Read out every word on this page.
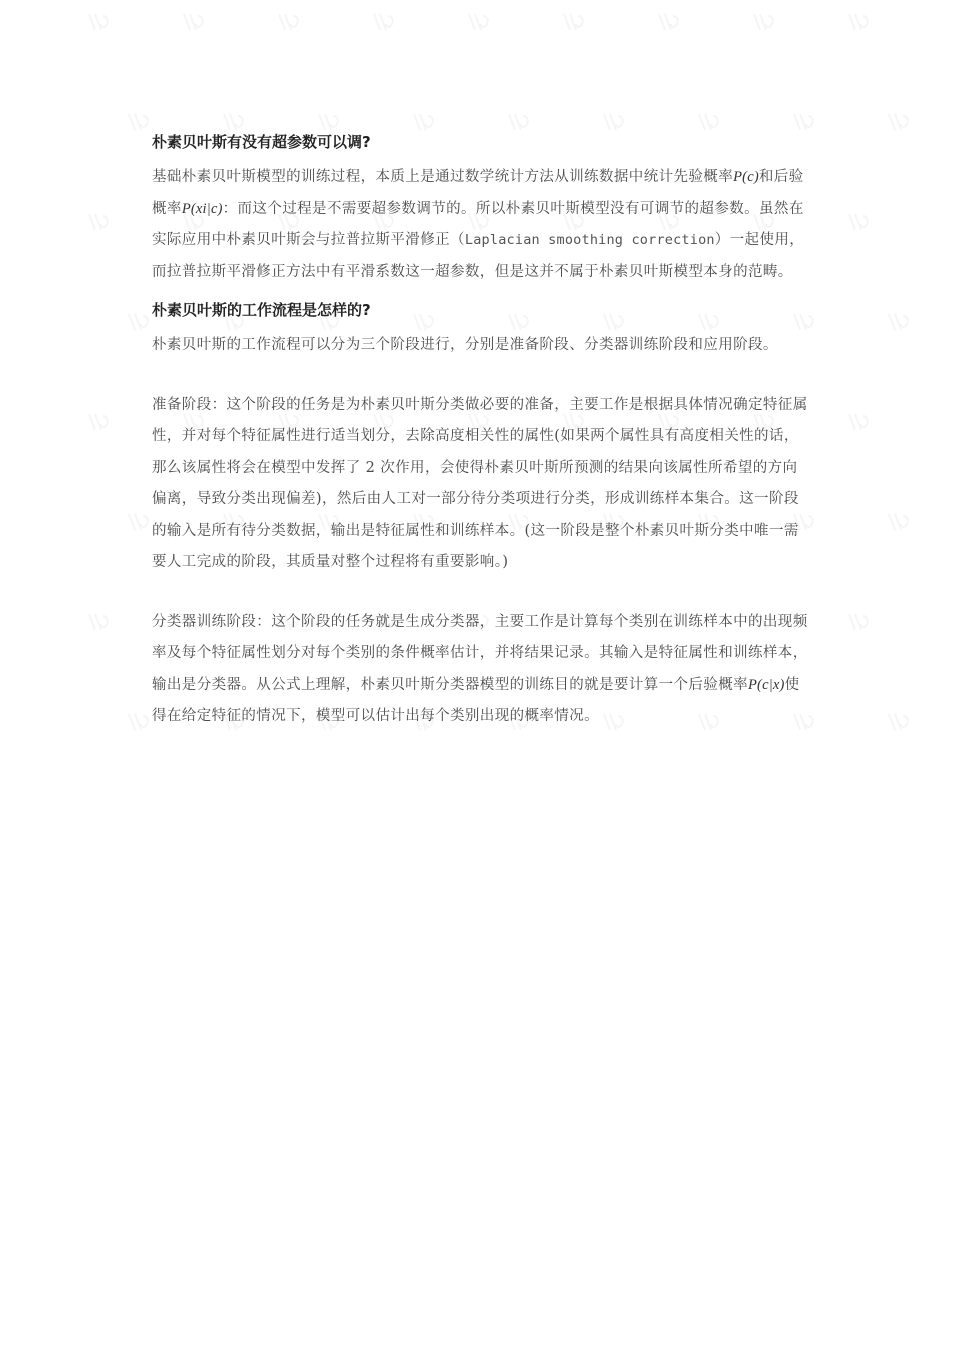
朴素贝叶斯有没有超参数可以调?

基础朴素贝叶斯模型的训练过程，本质上是通过数学统计方法从训练数据中统计先验概率P(c)和后验概率P(xi|c)：而这个过程是不需要超参数调节的。所以朴素贝叶斯模型没有可调节的超参数。虽然在实际应用中朴素贝叶斯会与拉普拉斯平滑修正（Laplacian smoothing correction）一起使用，而拉普拉斯平滑修正方法中有平滑系数这一超参数，但是这并不属于朴素贝叶斯模型本身的范畴。

朴素贝叶斯的工作流程是怎样的?

朴素贝叶斯的工作流程可以分为三个阶段进行，分别是准备阶段、分类器训练阶段和应用阶段。

准备阶段：这个阶段的任务是为朴素贝叶斯分类做必要的准备，主要工作是根据具体情况确定特征属性，并对每个特征属性进行适当划分，去除高度相关性的属性(如果两个属性具有高度相关性的话，那么该属性将会在模型中发挥了 2 次作用，会使得朴素贝叶斯所预测的结果向该属性所希望的方向偏离，导致分类出现偏差)，然后由人工对一部分待分类项进行分类，形成训练样本集合。这一阶段的输入是所有待分类数据，输出是特征属性和训练样本。(这一阶段是整个朴素贝叶斯分类中唯一需要人工完成的阶段，其质量对整个过程将有重要影响。)

分类器训练阶段：这个阶段的任务就是生成分类器，主要工作是计算每个类别在训练样本中的出现频率及每个特征属性划分对每个类别的条件概率估计，并将结果记录。其输入是特征属性和训练样本，输出是分类器。从公式上理解，朴素贝叶斯分类器模型的训练目的就是要计算一个后验概率P(c|x)使得在给定特征的情况下，模型可以估计出每个类别出现的概率情况。
